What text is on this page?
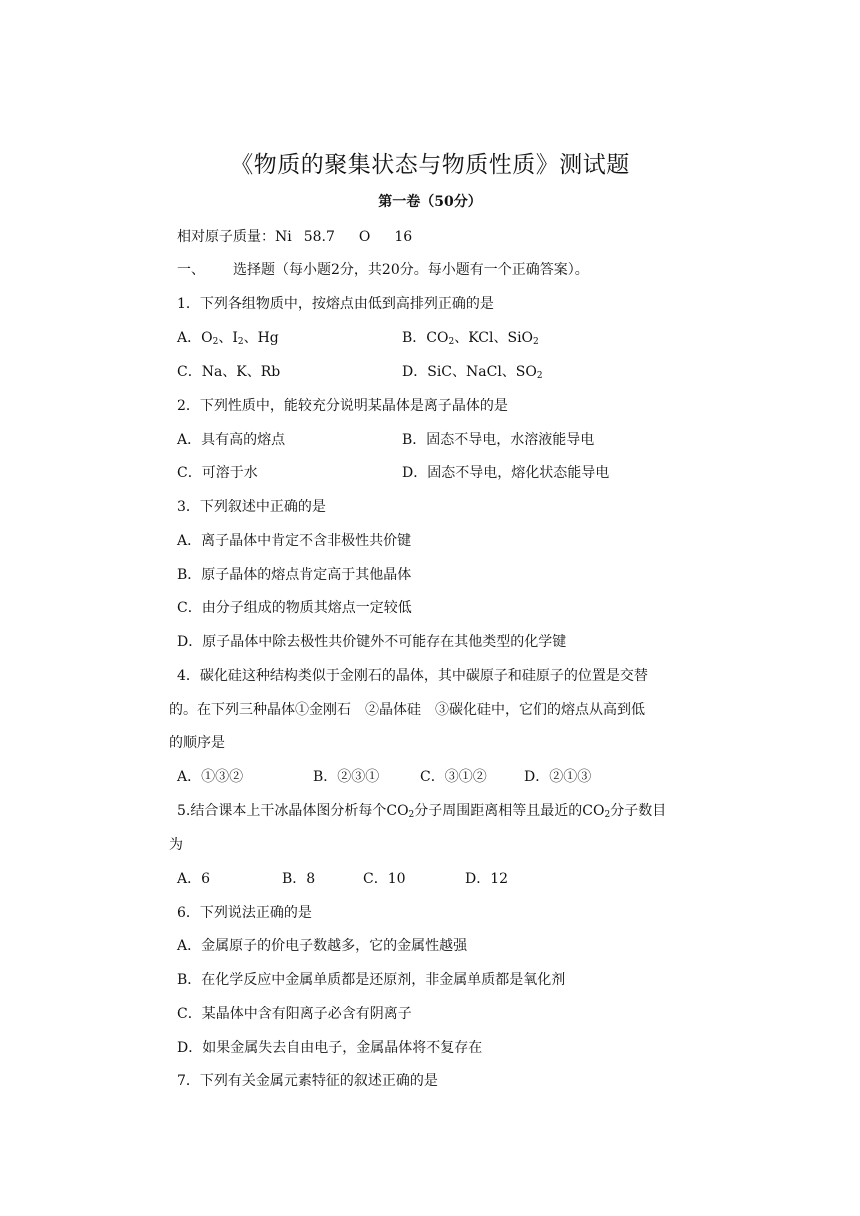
《物质的聚集状态与物质性质》测试题
第一卷（50分）
相对原子质量：Ni 58.7 O 16
一、 选择题（每小题2分，共20分。每小题有一个正确答案）。
1．下列各组物质中，按熔点由低到高排列正确的是
A．$O_2$、$I_2$、Hg	B．$CO_2$、KCl、SiO$_2$
C．Na、K、Rb	D．SiC、NaCl、$SO_2$
2．下列性质中，能较充分说明某晶体是离子晶体的是
A．具有高的熔点	B．固态不导电，水溶液能导电
C．可溶于水	D．固态不导电，熔化状态能导电
3．下列叙述中正确的是
A．离子晶体中肯定不含非极性共价键
B．原子晶体的熔点肯定高于其他晶体
C．由分子组成的物质其熔点一定较低
D．原子晶体中除去极性共价键外不可能存在其他类型的化学键
4．碳化硅这种结构类似于金刚石的晶体，其中碳原子和硅原子的位置是交替
的。在下列三种晶体①金刚石　②晶体硅　③碳化硅中，它们的熔点从高到低
的顺序是
A．①③②	B．②③①	C．③①②	D．②①③
5.结合课本上干冰晶体图分析每个$CO_2$分子周围距离相等且最近的$CO_2$分子数目
为
A．6	B．8	C．10	D．12
6．下列说法正确的是
A．金属原子的价电子数越多，它的金属性越强
B．在化学反应中金属单质都是还原剂，非金属单质都是氧化剂
C．某晶体中含有阳离子必含有阴离子
D．如果金属失去自由电子，金属晶体将不复存在
7．下列有关金属元素特征的叙述正确的是
